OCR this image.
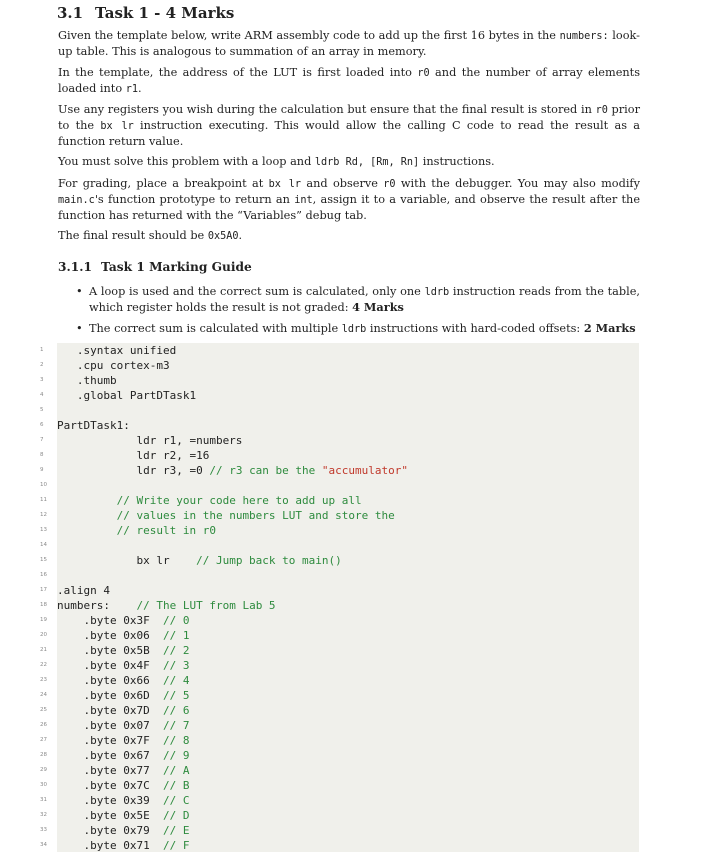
3.1 Task 1 - 4 Marks
Given the template below, write ARM assembly code to add up the first 16 bytes in the numbers: look-up table. This is analogous to summation of an array in memory.
In the template, the address of the LUT is first loaded into r0 and the number of array elements loaded into r1.
Use any registers you wish during the calculation but ensure that the final result is stored in r0 prior to the bx lr instruction executing. This would allow the calling C code to read the result as a function return value.
You must solve this problem with a loop and ldrb Rd, [Rm, Rn] instructions.
For grading, place a breakpoint at bx lr and observe r0 with the debugger. You may also modify main.c's function prototype to return an int, assign it to a variable, and observe the result after the function has returned with the “Variables” debug tab.
The final result should be 0x5A0.
3.1.1 Task 1 Marking Guide
• A loop is used and the correct sum is calculated, only one ldrb instruction reads from the table, which register holds the result is not graded: 4 Marks
• The correct sum is calculated with multiple ldrb instructions with hard-coded offsets: 2 Marks
1	.syntax unified
2	.cpu cortex-m3
3	.thumb
4	.global PartDTask1
5
6	PartDTask1:
7	ldr r1, =numbers
8	ldr r2, =16
9	ldr r3, =0 // r3 can be the "accumulator"
10
11	// Write your code here to add up all
12	// values in the numbers LUT and store the
13	// result in r0
14
15 bx lr    // Jump back to main()
16
17 .align 4
18 numbers:    // The LUT from Lab 5
19 .byte 0x3F  // 0
20 .byte 0x06  // 1
21 .byte 0x5B  // 2
22 .byte 0x4F  // 3
23 .byte 0x66  // 4
24 .byte 0x6D  // 5
25 .byte 0x7D  // 6
26 .byte 0x07  // 7
27 .byte 0x7F  // 8
28 .byte 0x67  // 9
29 .byte 0x77  // A
30 .byte 0x7C  // B
31 .byte 0x39  // C
32 .byte 0x5E  // D
33 .byte 0x79  // E
34 .byte 0x71  // F
